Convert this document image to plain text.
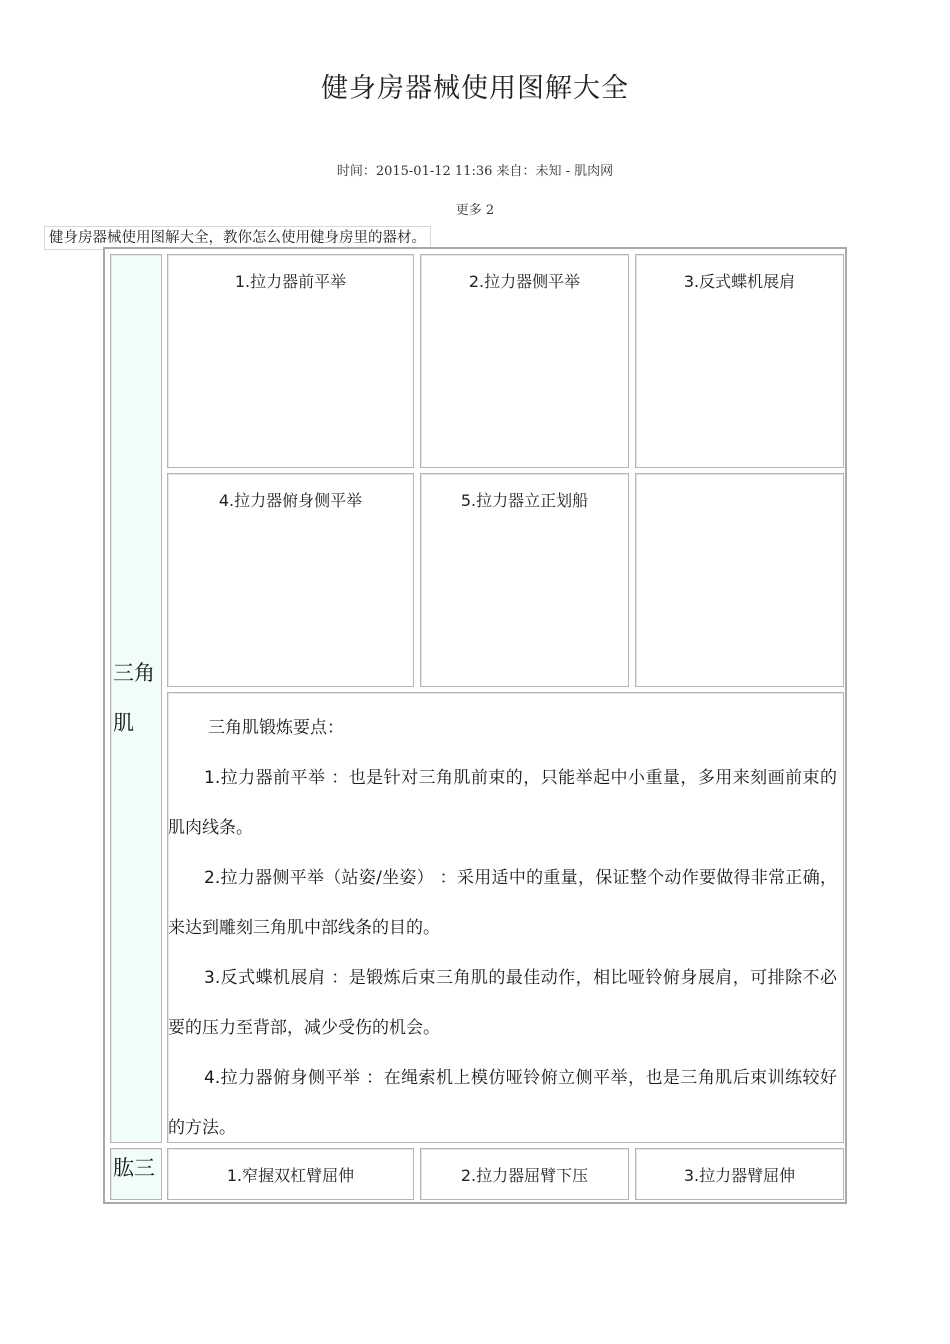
健身房器械使用图解大全
时间：2015-01-12 11:36 来自：未知 - 肌肉网
更多 2
健身房器械使用图解大全，教你怎么使用健身房里的器材。
三角肌
1.拉力器前平举	2.拉力器侧平举	3.反式蝶机展肩
4.拉力器俯身侧平举	5.拉力器立正划船

三角肌锻炼要点：

1.拉力器前平举 ：也是针对三角肌前束的，只能举起中小重量，多用来刻画前束的肌肉线条。

2.拉力器侧平举（站姿/坐姿） ：采用适中的重量，保证整个动作要做得非常正确，来达到雕刻三角肌中部线条的目的。

3.反式蝶机展肩 ：是锻炼后束三角肌的最佳动作，相比哑铃俯身展肩，可排除不必要的压力至背部，减少受伤的机会。

4.拉力器俯身侧平举 ：在绳索机上模仿哑铃俯立侧平举，也是三角肌后束训练较好的方法。

肱三	1.窄握双杠臂屈伸	2.拉力器屈臂下压	3.拉力器臂屈伸
